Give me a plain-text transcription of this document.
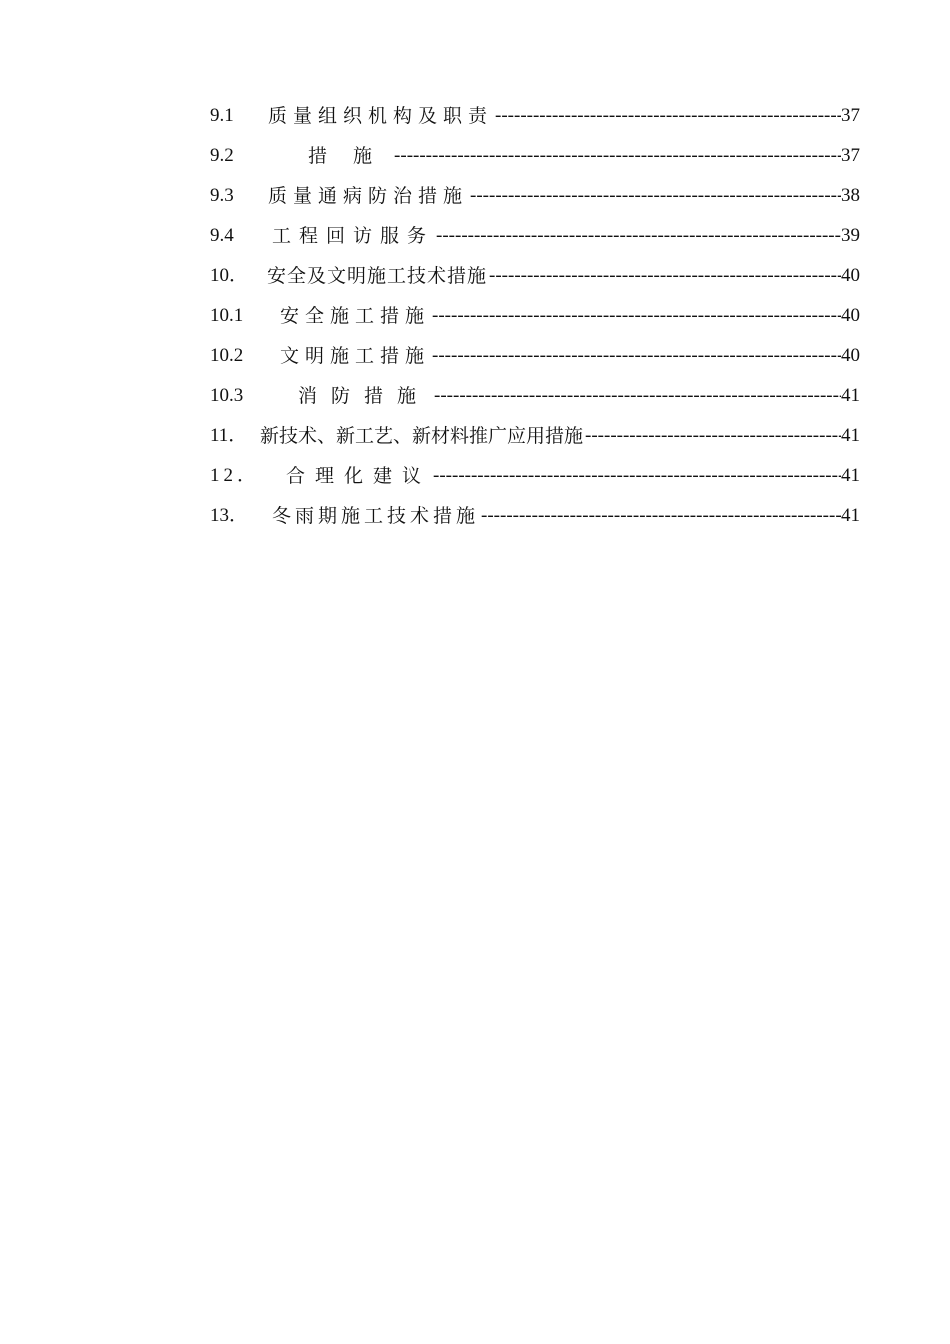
9.1	质量组织机构及职责 -----	37
9.2	措 施 -----	37
9.3	质量通病防治措施 -----	38
9.4	工程回访服务 -----	39
10． 安全及文明施工技术措施 -----	40
10.1	安全施工措施 -----	40
10.2	文明施工措施 -----	40
10.3	消防措施 -----	41
11． 新技术、新工艺、新材料推广应用措施 -----	41
12．	合理化建议 -----	41
13．	冬雨期施工技术措施 -----	41
